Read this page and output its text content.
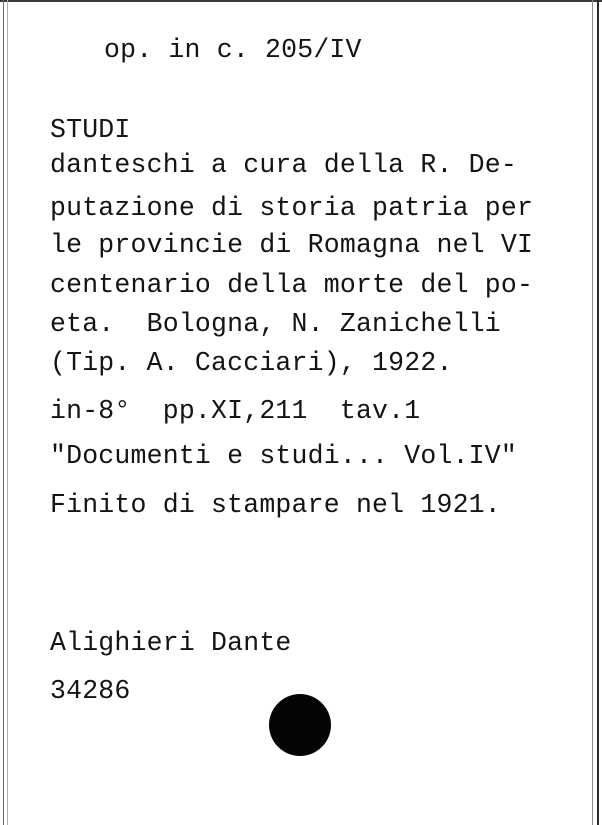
op. in c. 205/IV
STUDI
danteschi a cura della R. De-
putazione di storia patria per
le provincie di Romagna nel VI
centenario della morte del po-
eta.  Bologna, N. Zanichelli
(Tip. A. Cacciari), 1922.
in-8°  pp.XI,211  tav.1
"Documenti e studi... Vol.IV"
Finito di stampare nel 1921.
Alighieri Dante
34286
